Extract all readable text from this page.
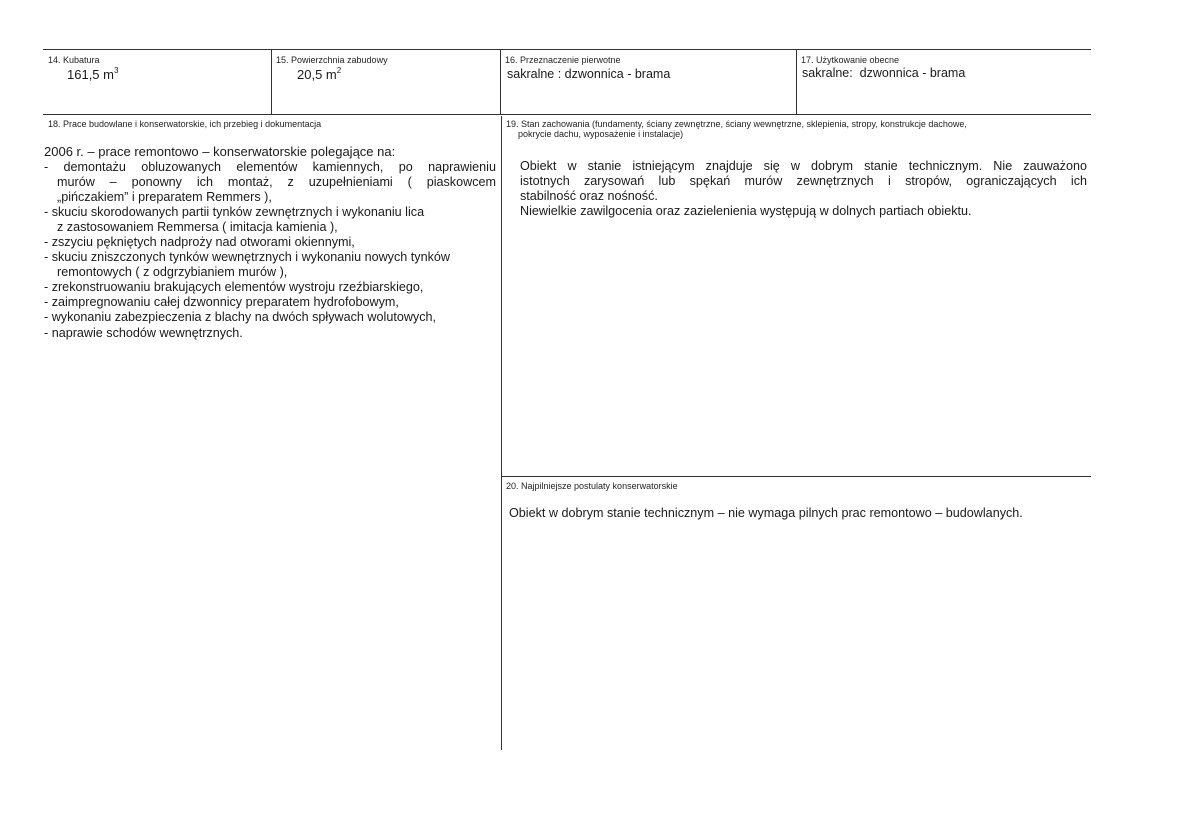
14. Kubatura
161,5 $m^3$
15. Powierzchnia zabudowy
20,5 $m^2$
16. Przeznaczenie pierwotne
sakralne : dzwonnica - brama
17. Użytkowanie obecne
sakralne:  dzwonnica - brama
18. Prace budowlane i konserwatorskie, ich przebieg i dokumentacja
2006 r. – prace remontowo – konserwatorskie polegające na:
- demontażu obluzowanych elementów kamiennych, po naprawieniu
murów – ponowny ich montaż, z uzupełnieniami ( piaskowcem
„pińczakiem” i preparatem Remmers ),
- skuciu skorodowanych partii tynków zewnętrznych i wykonaniu lica
z zastosowaniem Remmersa ( imitacja kamienia ),
- zszyciu pękniętych nadproży nad otworami okiennymi,
- skuciu zniszczonych tynków wewnętrznych i wykonaniu nowych tynków
remontowych ( z odgrzybianiem murów ),
- zrekonstruowaniu brakujących elementów wystroju rzeźbiarskiego,
- zaimpregnowaniu całej dzwonnicy preparatem hydrofobowym,
- wykonaniu zabezpieczenia z blachy na dwóch spływach wolutowych,
- naprawie schodów wewnętrznych.
19. Stan zachowania (fundamenty, ściany zewnętrzne, ściany wewnętrzne, sklepienia, stropy, konstrukcje dachowe,
pokrycie dachu, wyposażenie i instalacje)
Obiekt w stanie istniejącym znajduje się w dobrym stanie technicznym. Nie zauważono
istotnych zarysowań lub spękań murów zewnętrznych i stropów, ograniczających ich
stabilność oraz nośność.
Niewielkie zawilgocenia oraz zazielenienia występują w dolnych partiach obiektu.
20. Najpilniejsze postulaty konserwatorskie
Obiekt w dobrym stanie technicznym – nie wymaga pilnych prac remontowo – budowlanych.
